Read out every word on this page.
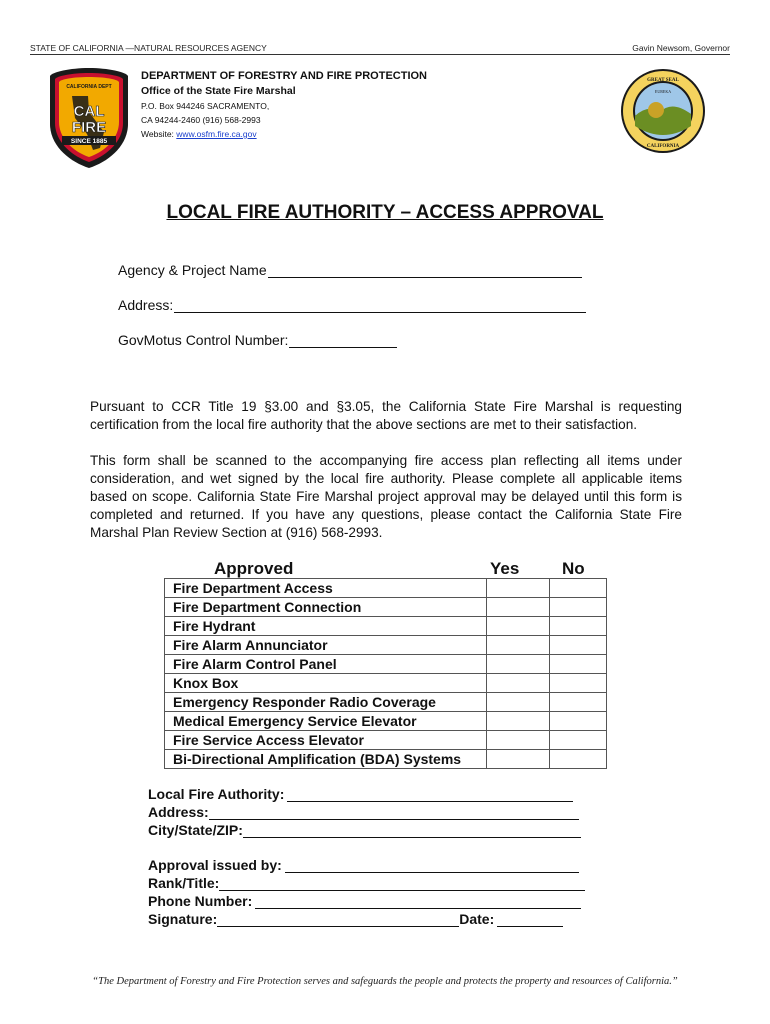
STATE OF CALIFORNIA —NATURAL RESOURCES AGENCY	Gavin Newsom, Governor
CALIFORNIA DEPT
CAL
FIRE
SINCE 1885
DEPARTMENT OF FORESTRY AND FIRE PROTECTION
Office of the State Fire Marshal
P.O. Box 944246 SACRAMENTO,
CA 94244-2460 (916) 568-2993
Website: www.osfm.fire.ca.gov
GREAT SEAL
CALIFORNIA
EUREKA
LOCAL FIRE AUTHORITY – ACCESS APPROVAL
Agency & Project Name
Address:
GovMotus Control Number:
Pursuant to CCR Title 19 §3.00 and §3.05, the California State Fire Marshal is requesting certification from the local fire authority that the above sections are met to their satisfaction.
This form shall be scanned to the accompanying fire access plan reflecting all items under consideration, and wet signed by the local fire authority. Please complete all applicable items based on scope. California State Fire Marshal project approval may be delayed until this form is completed and returned. If you have any questions, please contact the California State Fire Marshal Plan Review Section at (916) 568-2993.
Approved	Yes	No
Fire Department Access		
Fire Department Connection		
Fire Hydrant		
Fire Alarm Annunciator		
Fire Alarm Control Panel		
Knox Box		
Emergency Responder Radio Coverage		
Medical Emergency Service Elevator		
Fire Service Access Elevator		
Bi-Directional Amplification (BDA) Systems		
Local Fire Authority:
Address:
City/State/ZIP:
Approval issued by:
Rank/Title:
Phone Number:
Signature:	Date:
“The Department of Forestry and Fire Protection serves and safeguards the people and protects the property and resources of California.”
